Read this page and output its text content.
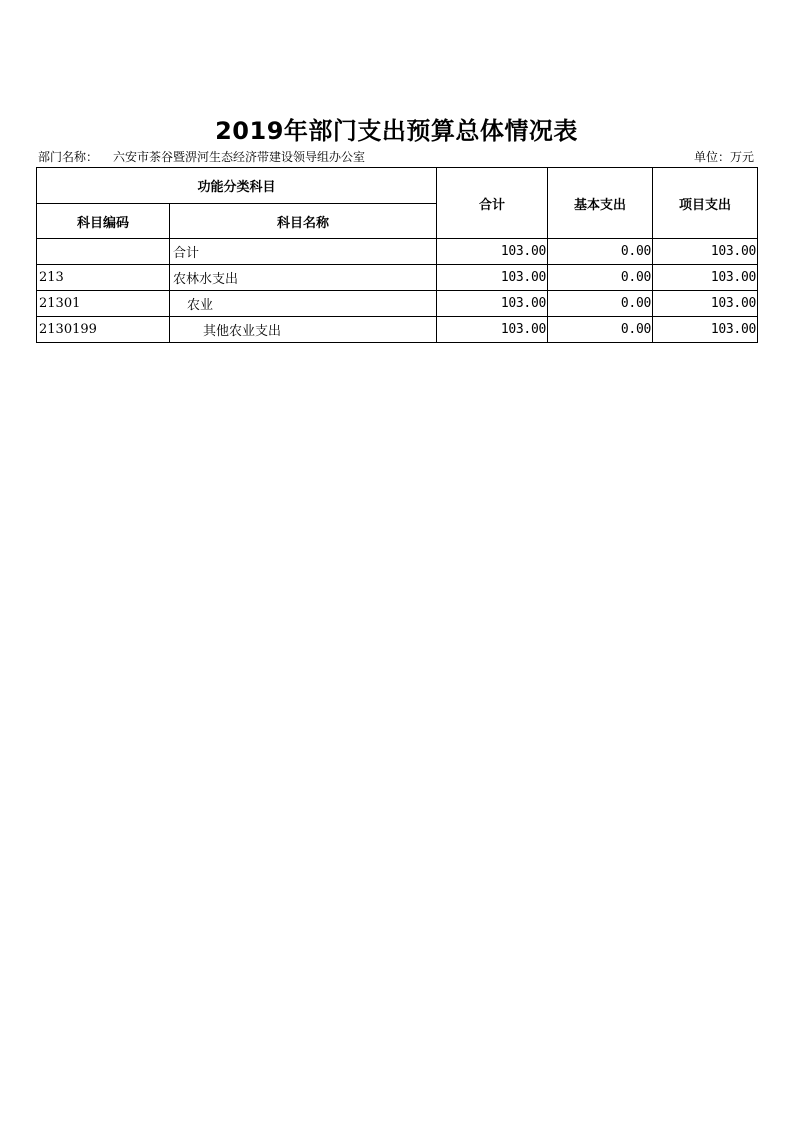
2019年部门支出预算总体情况表
部门名称： 六安市茶谷暨淠河生态经济带建设领导组办公室	单位：万元
功能分类科目		合计	基本支出	项目支出
科目编码	科目名称			
	合计	103.00	0.00	103.00
213	农林水支出	103.00	0.00	103.00
21301	农业	103.00	0.00	103.00
2130199	其他农业支出	103.00	0.00	103.00
